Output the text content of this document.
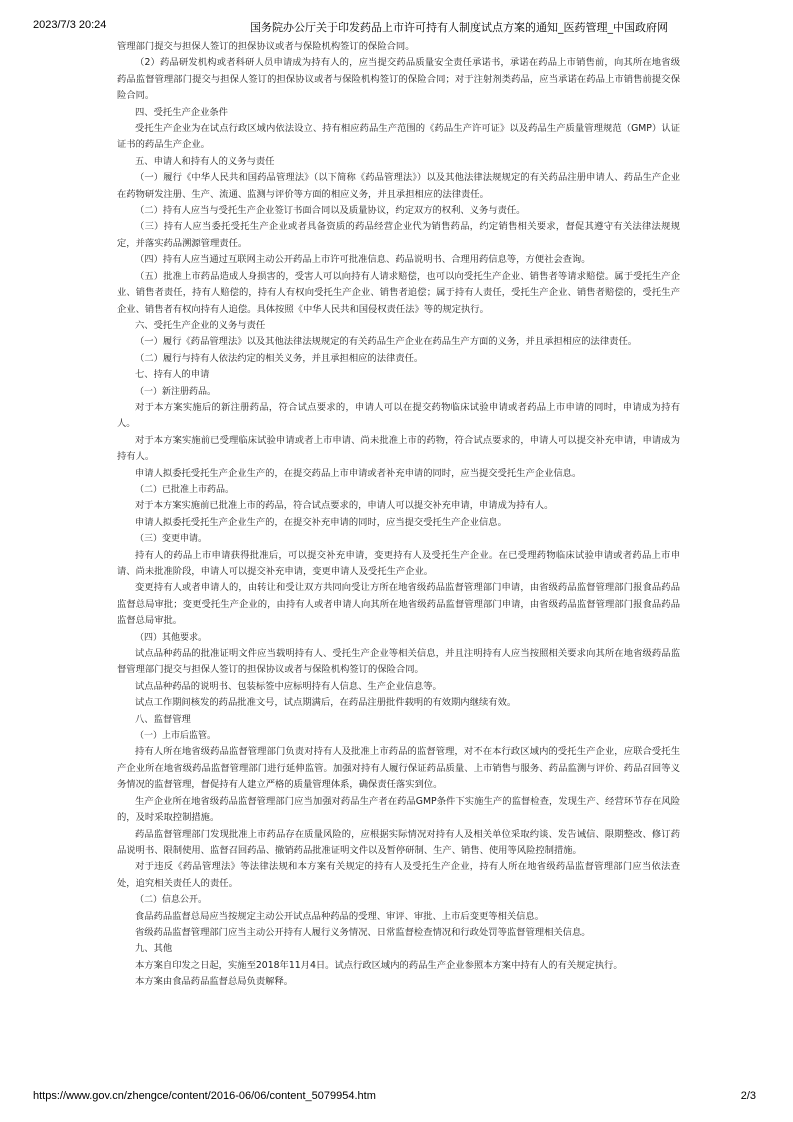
2023/7/3 20:24	国务院办公厅关于印发药品上市许可持有人制度试点方案的通知_医药管理_中国政府网

管理部门提交与担保人签订的担保协议或者与保险机构签订的保险合同。

（2）药品研发机构或者科研人员申请成为持有人的，应当提交药品质量安全责任承诺书，承诺在药品上市销售前，向其所在地省级药品监督管理部门提交与担保人签订的担保协议或者与保险机构签订的保险合同；对于注射剂类药品，应当承诺在药品上市销售前提交保险合同。

四、受托生产企业条件

受托生产企业为在试点行政区域内依法设立、持有相应药品生产范围的《药品生产许可证》以及药品生产质量管理规范（GMP）认证证书的药品生产企业。

五、申请人和持有人的义务与责任

（一）履行《中华人民共和国药品管理法》（以下简称《药品管理法》）以及其他法律法规规定的有关药品注册申请人、药品生产企业在药物研发注册、生产、流通、监测与评价等方面的相应义务，并且承担相应的法律责任。

（二）持有人应当与受托生产企业签订书面合同以及质量协议，约定双方的权利、义务与责任。

（三）持有人应当委托受托生产企业或者具备资质的药品经营企业代为销售药品，约定销售相关要求，督促其遵守有关法律法规规定，并落实药品溯源管理责任。

（四）持有人应当通过互联网主动公开药品上市许可批准信息、药品说明书、合理用药信息等，方便社会查询。

（五）批准上市药品造成人身损害的，受害人可以向持有人请求赔偿，也可以向受托生产企业、销售者等请求赔偿。属于受托生产企业、销售者责任，持有人赔偿的，持有人有权向受托生产企业、销售者追偿；属于持有人责任，受托生产企业、销售者赔偿的，受托生产企业、销售者有权向持有人追偿。具体按照《中华人民共和国侵权责任法》等的规定执行。

六、受托生产企业的义务与责任

（一）履行《药品管理法》以及其他法律法规规定的有关药品生产企业在药品生产方面的义务，并且承担相应的法律责任。

（二）履行与持有人依法约定的相关义务，并且承担相应的法律责任。

七、持有人的申请

（一）新注册药品。

对于本方案实施后的新注册药品，符合试点要求的，申请人可以在提交药物临床试验申请或者药品上市申请的同时，申请成为持有人。

对于本方案实施前已受理临床试验申请或者上市申请、尚未批准上市的药物，符合试点要求的，申请人可以提交补充申请，申请成为持有人。

申请人拟委托受托生产企业生产的，在提交药品上市申请或者补充申请的同时，应当提交受托生产企业信息。

（二）已批准上市药品。

对于本方案实施前已批准上市的药品，符合试点要求的，申请人可以提交补充申请，申请成为持有人。

申请人拟委托受托生产企业生产的，在提交补充申请的同时，应当提交受托生产企业信息。

（三）变更申请。

持有人的药品上市申请获得批准后，可以提交补充申请，变更持有人及受托生产企业。在已受理药物临床试验申请或者药品上市申请、尚未批准阶段，申请人可以提交补充申请，变更申请人及受托生产企业。

变更持有人或者申请人的，由转让和受让双方共同向受让方所在地省级药品监督管理部门申请，由省级药品监督管理部门报食品药品监督总局审批；变更受托生产企业的，由持有人或者申请人向其所在地省级药品监督管理部门申请，由省级药品监督管理部门报食品药品监督总局审批。

（四）其他要求。

试点品种药品的批准证明文件应当载明持有人、受托生产企业等相关信息，并且注明持有人应当按照相关要求向其所在地省级药品监督管理部门提交与担保人签订的担保协议或者与保险机构签订的保险合同。

试点品种药品的说明书、包装标签中应标明持有人信息、生产企业信息等。

试点工作期间核发的药品批准文号，试点期满后，在药品注册批件载明的有效期内继续有效。

八、监督管理

（一）上市后监管。

持有人所在地省级药品监督管理部门负责对持有人及批准上市药品的监督管理，对不在本行政区域内的受托生产企业，应联合受托生产企业所在地省级药品监督管理部门进行延伸监管。加强对持有人履行保证药品质量、上市销售与服务、药品监测与评价、药品召回等义务情况的监督管理，督促持有人建立严格的质量管理体系，确保责任落实到位。

生产企业所在地省级药品监督管理部门应当加强对药品生产者在药品GMP条件下实施生产的监督检查，发现生产、经营环节存在风险的，及时采取控制措施。

药品监督管理部门发现批准上市药品存在质量风险的，应根据实际情况对持有人及相关单位采取约谈、发告诫信、限期整改、修订药品说明书、限制使用、监督召回药品、撤销药品批准证明文件以及暂停研制、生产、销售、使用等风险控制措施。

对于违反《药品管理法》等法律法规和本方案有关规定的持有人及受托生产企业，持有人所在地省级药品监督管理部门应当依法查处，追究相关责任人的责任。

（二）信息公开。

食品药品监督总局应当按规定主动公开试点品种药品的受理、审评、审批、上市后变更等相关信息。

省级药品监督管理部门应当主动公开持有人履行义务情况、日常监督检查情况和行政处罚等监督管理相关信息。

九、其他

本方案自印发之日起，实施至2018年11月4日。试点行政区域内的药品生产企业参照本方案中持有人的有关规定执行。

本方案由食品药品监督总局负责解释。

https://www.gov.cn/zhengce/content/2016-06/06/content_5079954.htm	2/3
